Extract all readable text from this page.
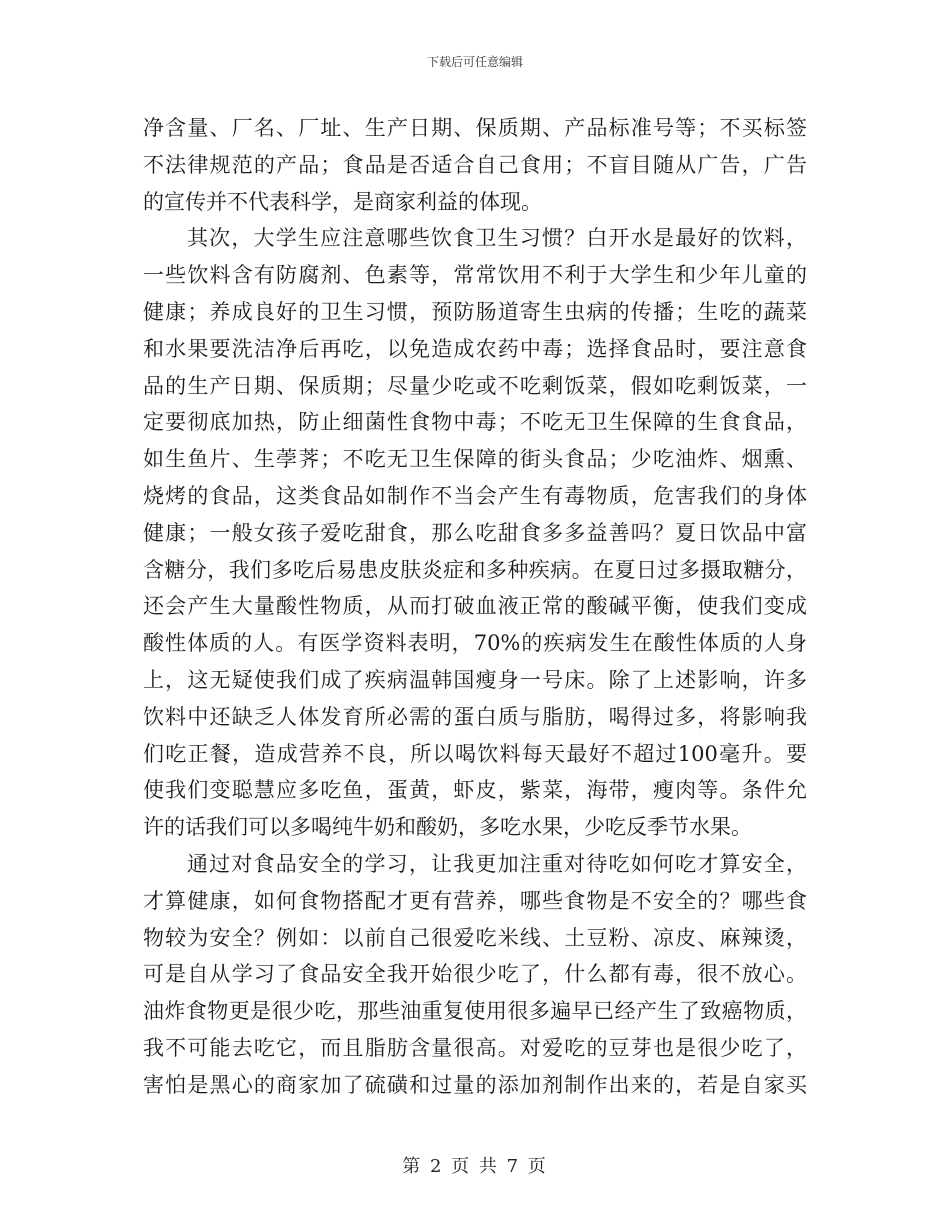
下载后可任意编辑
净含量、厂名、厂址、生产日期、保质期、产品标准号等；不买标签
不法律规范的产品；食品是否适合自己食用；不盲目随从广告，广告
的宣传并不代表科学，是商家利益的体现。
其次，大学生应注意哪些饮食卫生习惯？白开水是最好的饮料，
一些饮料含有防腐剂、色素等，常常饮用不利于大学生和少年儿童的
健康；养成良好的卫生习惯，预防肠道寄生虫病的传播；生吃的蔬菜
和水果要洗洁净后再吃，以免造成农药中毒；选择食品时，要注意食
品的生产日期、保质期；尽量少吃或不吃剩饭菜，假如吃剩饭菜，一
定要彻底加热，防止细菌性食物中毒；不吃无卫生保障的生食食品，
如生鱼片、生荸荠；不吃无卫生保障的街头食品；少吃油炸、烟熏、
烧烤的食品，这类食品如制作不当会产生有毒物质，危害我们的身体
健康；一般女孩子爱吃甜食，那么吃甜食多多益善吗？夏日饮品中富
含糖分，我们多吃后易患皮肤炎症和多种疾病。在夏日过多摄取糖分，
还会产生大量酸性物质，从而打破血液正常的酸碱平衡，使我们变成
酸性体质的人。有医学资料表明，70%的疾病发生在酸性体质的人身
上，这无疑使我们成了疾病温韩国瘦身一号床。除了上述影响，许多
饮料中还缺乏人体发育所必需的蛋白质与脂肪，喝得过多，将影响我
们吃正餐，造成营养不良，所以喝饮料每天最好不超过100毫升。要
使我们变聪慧应多吃鱼，蛋黄，虾皮，紫菜，海带，瘦肉等。条件允
许的话我们可以多喝纯牛奶和酸奶，多吃水果，少吃反季节水果。
通过对食品安全的学习，让我更加注重对待吃如何吃才算安全，
才算健康，如何食物搭配才更有营养，哪些食物是不安全的？哪些食
物较为安全？例如：以前自己很爱吃米线、土豆粉、凉皮、麻辣烫，
可是自从学习了食品安全我开始很少吃了，什么都有毒，很不放心。
油炸食物更是很少吃，那些油重复使用很多遍早已经产生了致癌物质，
我不可能去吃它，而且脂肪含量很高。对爱吃的豆芽也是很少吃了，
害怕是黑心的商家加了硫磺和过量的添加剂制作出来的，若是自家买
第 2 页 共 7 页
